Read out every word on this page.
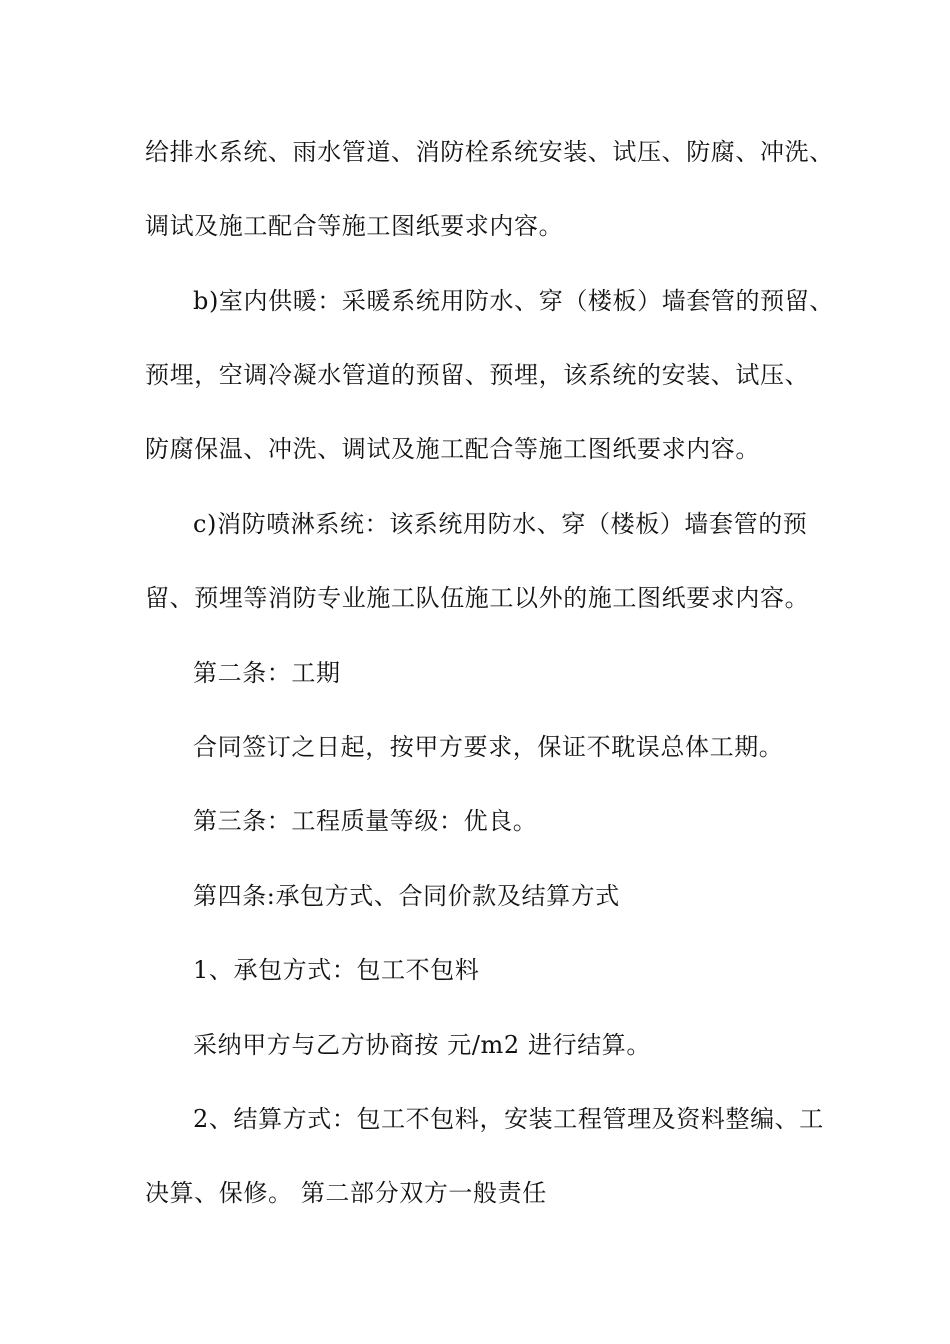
给排水系统、雨水管道、消防栓系统安装、试压、防腐、冲洗、
调试及施工配合等施工图纸要求内容。
b)室内供暖：采暖系统用防水、穿（楼板）墙套管的预留、
预埋，空调冷凝水管道的预留、预埋，该系统的安装、试压、
防腐保温、冲洗、调试及施工配合等施工图纸要求内容。
c)消防喷淋系统：该系统用防水、穿（楼板）墙套管的预
留、预埋等消防专业施工队伍施工以外的施工图纸要求内容。
第二条：工期
合同签订之日起，按甲方要求，保证不耽误总体工期。
第三条：工程质量等级：优良。
第四条:承包方式、合同价款及结算方式
1、承包方式：包工不包料
采纳甲方与乙方协商按 元/m2 进行结算。
2、结算方式：包工不包料，安装工程管理及资料整编、工
决算、保修。 第二部分双方一般责任
